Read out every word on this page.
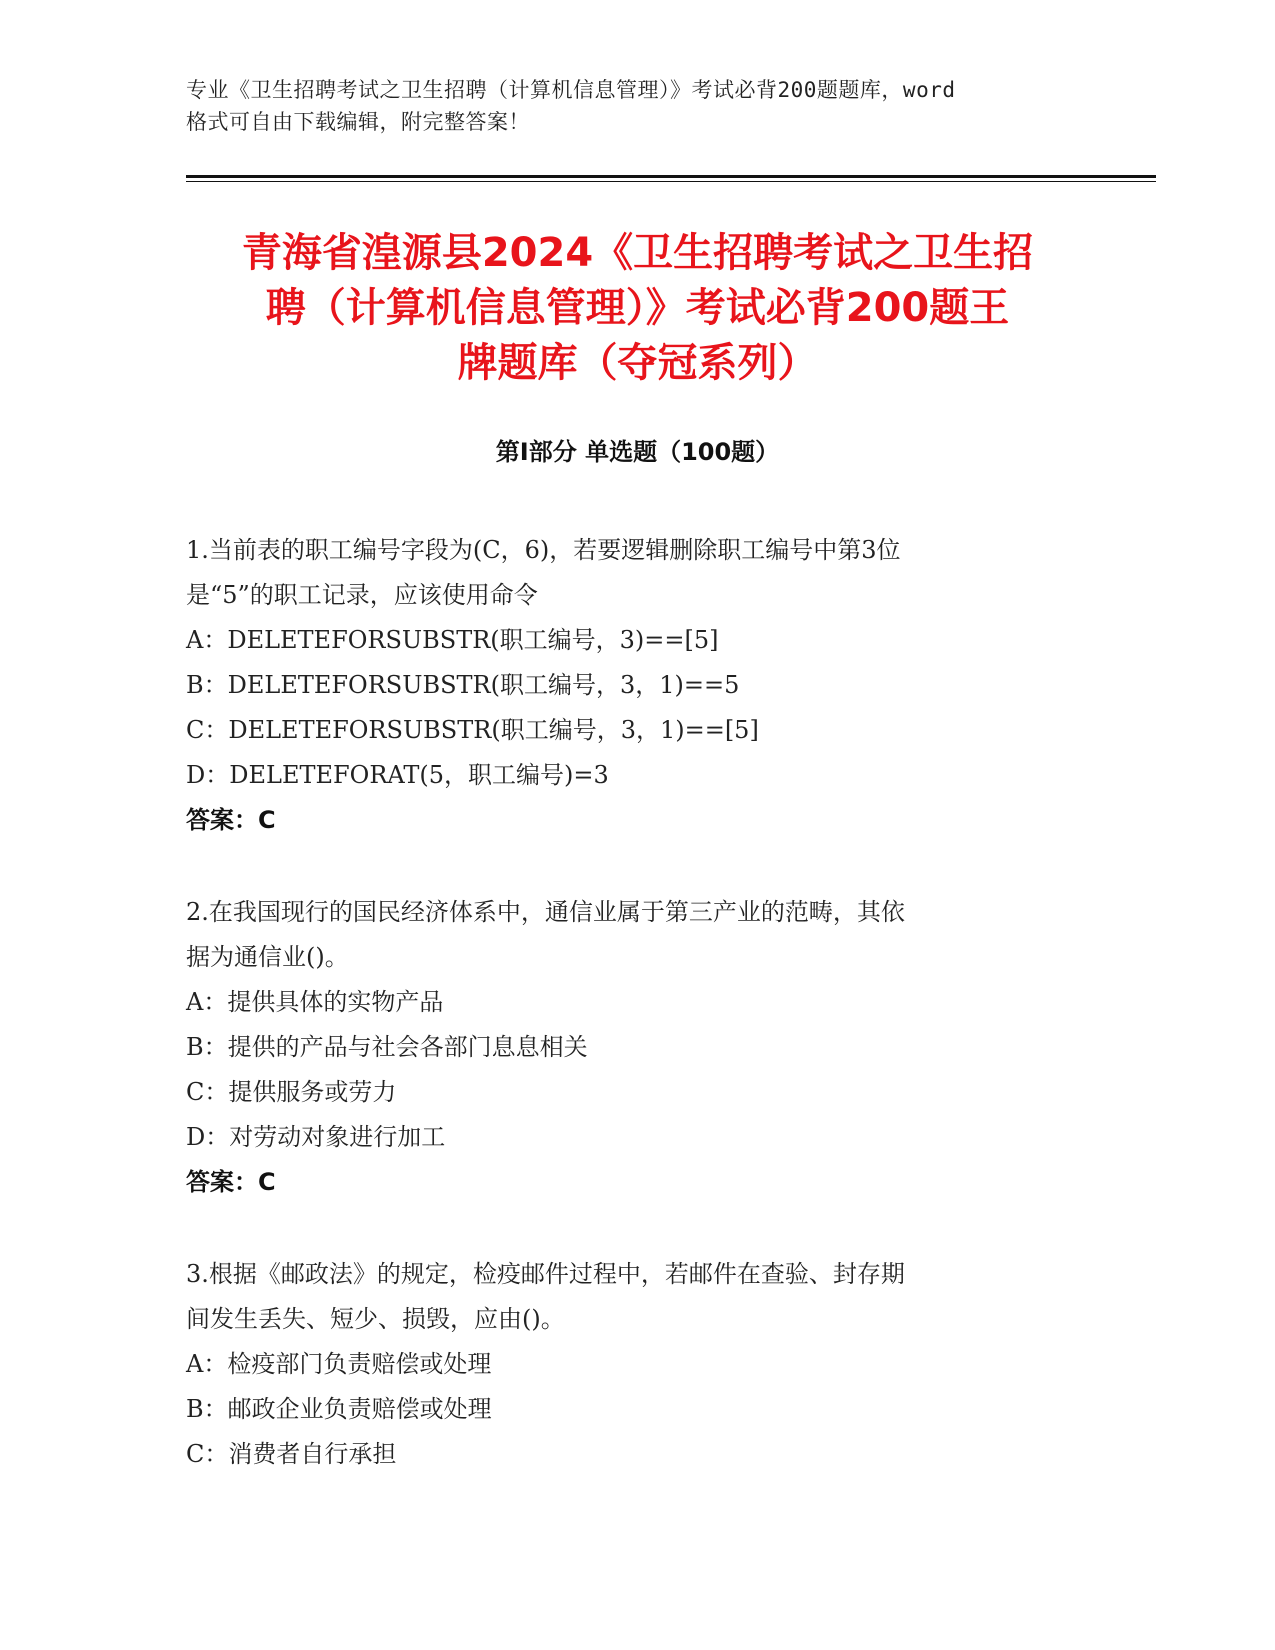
专业《卫生招聘考试之卫生招聘（计算机信息管理）》考试必背200题题库，word
格式可自由下载编辑，附完整答案！
青海省湟源县2024《卫生招聘考试之卫生招
聘（计算机信息管理）》考试必背200题王
牌题库（夺冠系列）
第Ⅰ部分 单选题（100题）
1.当前表的职工编号字段为(C，6)，若要逻辑删除职工编号中第3位
是“5”的职工记录，应该使用命令
A：DELETEFORSUBSTR(职工编号，3)==[5]
B：DELETEFORSUBSTR(职工编号，3，1)==5
C：DELETEFORSUBSTR(职工编号，3，1)==[5]
D：DELETEFORAT(5，职工编号)=3
答案：C
2.在我国现行的国民经济体系中，通信业属于第三产业的范畴，其依
据为通信业()。
A：提供具体的实物产品
B：提供的产品与社会各部门息息相关
C：提供服务或劳力
D：对劳动对象进行加工
答案：C
3.根据《邮政法》的规定，检疫邮件过程中，若邮件在查验、封存期
间发生丢失、短少、损毁，应由()。
A：检疫部门负责赔偿或处理
B：邮政企业负责赔偿或处理
C：消费者自行承担
